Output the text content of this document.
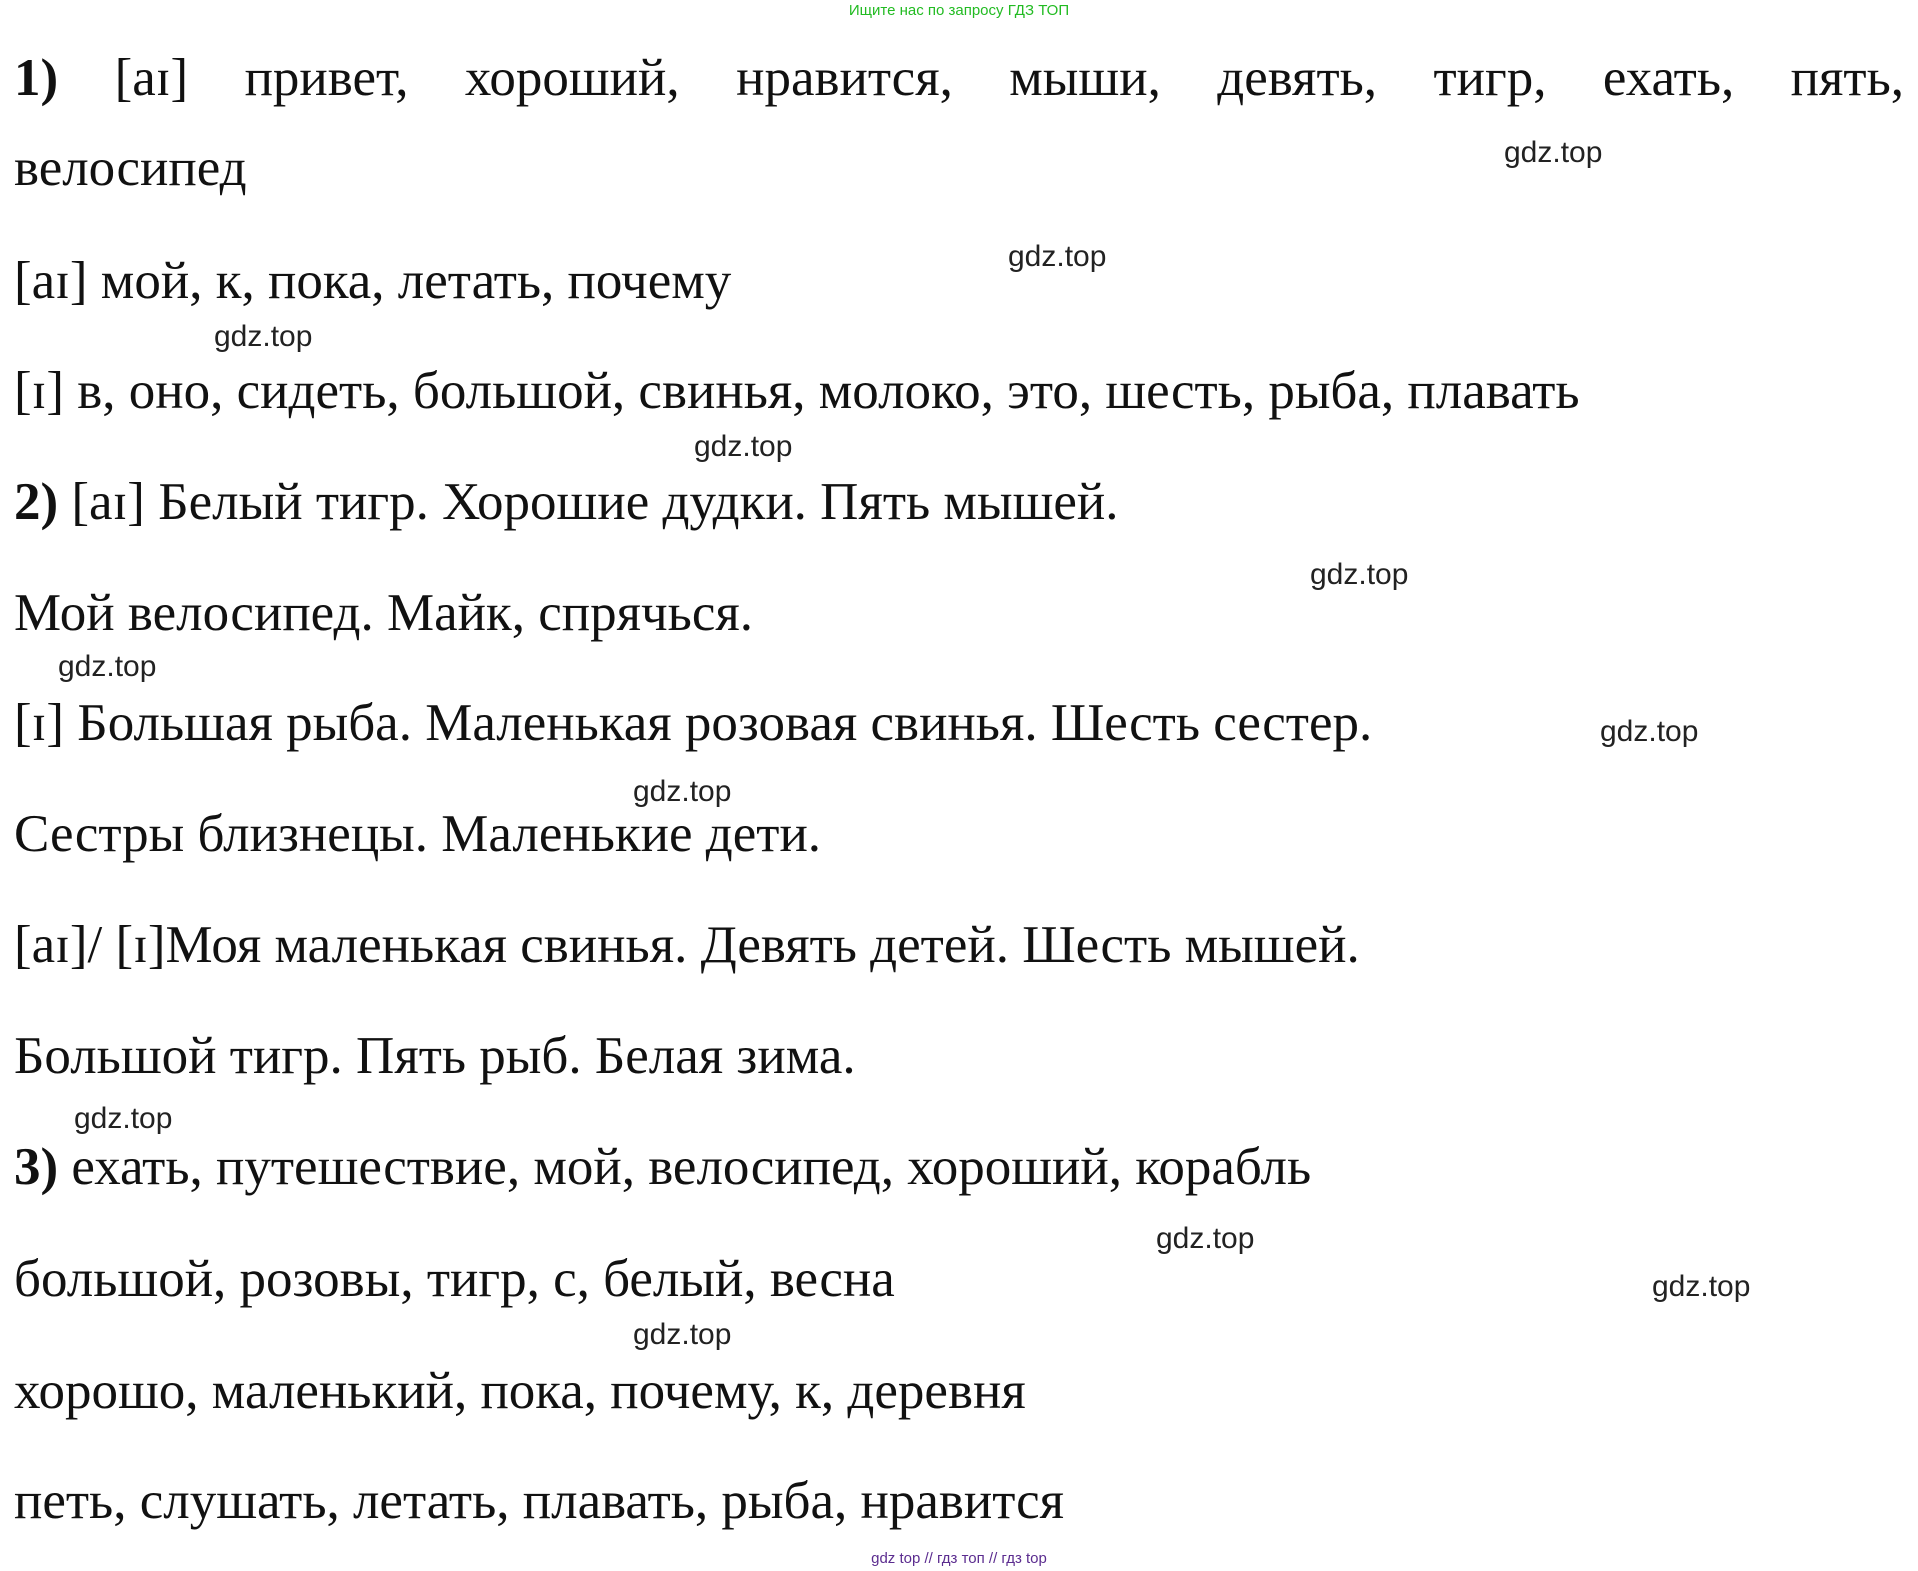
Ищите нас по запросу ГДЗ ТОП
1) [aɪ] привет, хороший, нравится, мыши, девять, тигр, ехать, пять,
велосипед
[aɪ] мой, к, пока, летать, почему
[ɪ] в, оно, сидеть, большой, свинья, молоко, это, шесть, рыба, плавать
2) [aɪ] Белый тигр. Хорошие дудки. Пять мышей.
Мой велосипед. Майк, спрячься.
[ɪ] Большая рыба. Маленькая розовая свинья. Шесть сестер.
Сестры близнецы. Маленькие дети.
[aɪ]/ [ɪ]Моя маленькая свинья. Девять детей. Шесть мышей.
Большой тигр. Пять рыб. Белая зима.
3) ехать, путешествие, мой, велосипед, хороший, корабль
большой, розовы, тигр, с, белый, весна
хорошо, маленький, пока, почему, к, деревня
петь, слушать, летать, плавать, рыба, нравится
gdz.top
gdz.top
gdz.top
gdz.top
gdz.top
gdz.top
gdz.top
gdz.top
gdz.top
gdz.top
gdz.top
gdz.top
gdz top // гдз топ // гдз top
